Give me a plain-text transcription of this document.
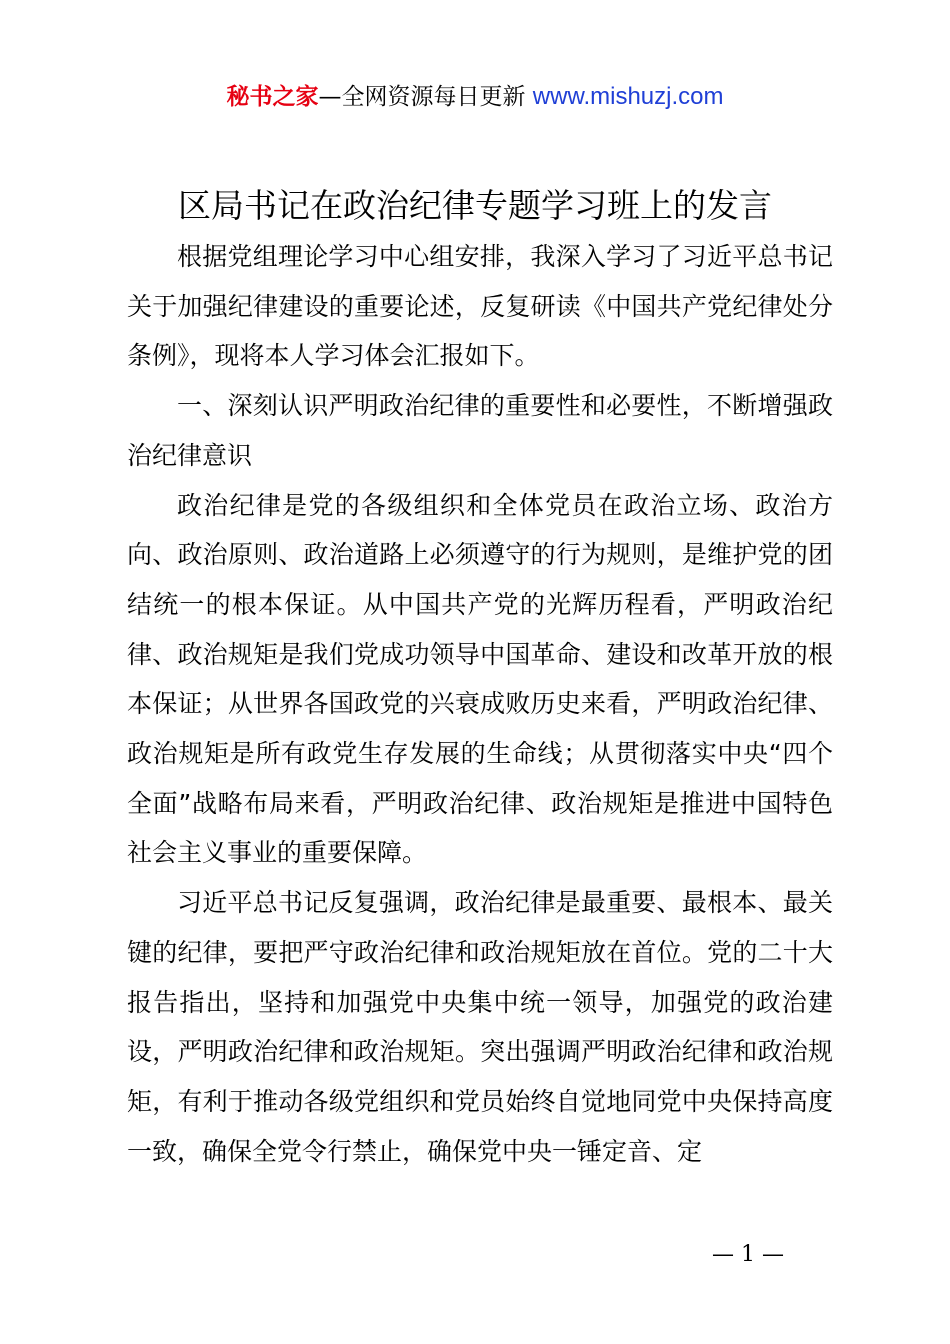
秘书之家—全网资源每日更新 www.mishuzj.com
区局书记在政治纪律专题学习班上的发言

根据党组理论学习中心组安排，我深入学习了习近平总书记关于加强纪律建设的重要论述，反复研读《中国共产党纪律处分条例》，现将本人学习体会汇报如下。

一、深刻认识严明政治纪律的重要性和必要性，不断增强政治纪律意识

政治纪律是党的各级组织和全体党员在政治立场、政治方向、政治原则、政治道路上必须遵守的行为规则，是维护党的团结统一的根本保证。从中国共产党的光辉历程看，严明政治纪律、政治规矩是我们党成功领导中国革命、建设和改革开放的根本保证；从世界各国政党的兴衰成败历史来看，严明政治纪律、政治规矩是所有政党生存发展的生命线；从贯彻落实中央“四个全面”战略布局来看，严明政治纪律、政治规矩是推进中国特色社会主义事业的重要保障。

习近平总书记反复强调，政治纪律是最重要、最根本、最关键的纪律，要把严守政治纪律和政治规矩放在首位。党的二十大报告指出，坚持和加强党中央集中统一领导，加强党的政治建设，严明政治纪律和政治规矩。突出强调严明政治纪律和政治规矩，有利于推动各级党组织和党员始终自觉地同党中央保持高度一致，确保全党令行禁止，确保党中央一锤定音、定

— 1 —
